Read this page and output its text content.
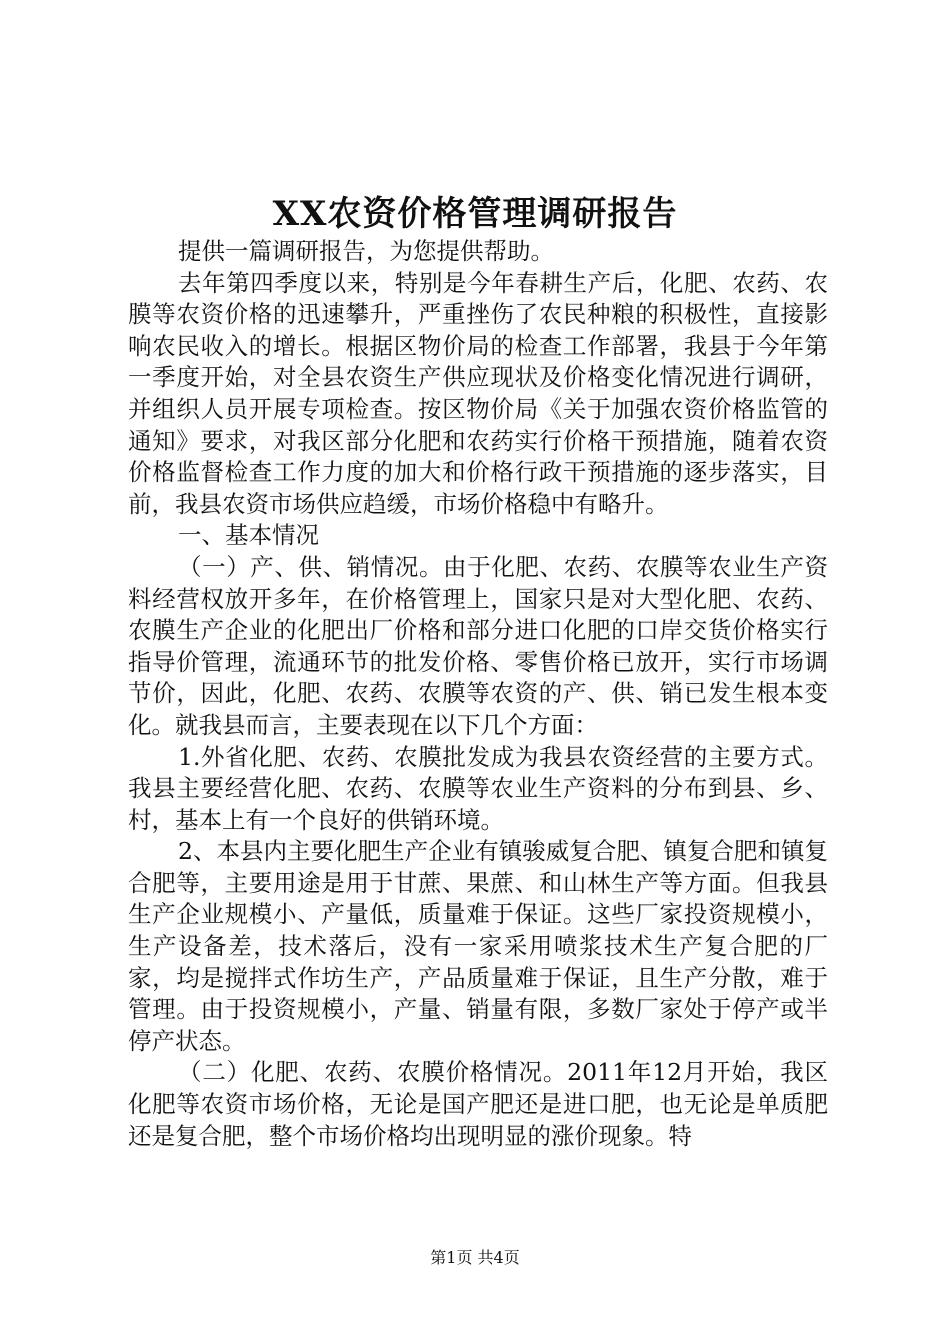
XX农资价格管理调研报告

提供一篇调研报告，为您提供帮助。

去年第四季度以来，特别是今年春耕生产后，化肥、农药、农膜等农资价格的迅速攀升，严重挫伤了农民种粮的积极性，直接影响农民收入的增长。根据区物价局的检查工作部署，我县于今年第一季度开始，对全县农资生产供应现状及价格变化情况进行调研，并组织人员开展专项检查。按区物价局《关于加强农资价格监管的通知》要求，对我区部分化肥和农药实行价格干预措施，随着农资价格监督检查工作力度的加大和价格行政干预措施的逐步落实，目前，我县农资市场供应趋缓，市场价格稳中有略升。

一、基本情况

（一）产、供、销情况。由于化肥、农药、农膜等农业生产资料经营权放开多年，在价格管理上，国家只是对大型化肥、农药、农膜生产企业的化肥出厂价格和部分进口化肥的口岸交货价格实行指导价管理，流通环节的批发价格、零售价格已放开，实行市场调节价，因此，化肥、农药、农膜等农资的产、供、销已发生根本变化。就我县而言，主要表现在以下几个方面：

1.外省化肥、农药、农膜批发成为我县农资经营的主要方式。我县主要经营化肥、农药、农膜等农业生产资料的分布到县、乡、村，基本上有一个良好的供销环境。

2、本县内主要化肥生产企业有镇骏威复合肥、镇复合肥和镇复合肥等，主要用途是用于甘蔗、果蔗、和山林生产等方面。但我县生产企业规模小、产量低，质量难于保证。这些厂家投资规模小，生产设备差，技术落后，没有一家采用喷浆技术生产复合肥的厂家，均是搅拌式作坊生产，产品质量难于保证，且生产分散，难于管理。由于投资规模小，产量、销量有限，多数厂家处于停产或半停产状态。

（二）化肥、农药、农膜价格情况。2011年12月开始，我区化肥等农资市场价格，无论是国产肥还是进口肥，也无论是单质肥还是复合肥，整个市场价格均出现明显的涨价现象。特

第1页 共4页
